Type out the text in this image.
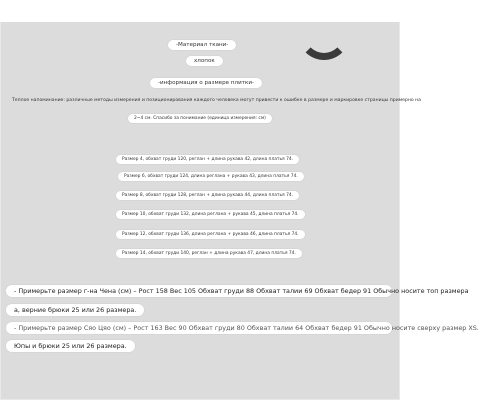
-Материал ткани-
хлопок
-информация о размере плитки-
Теплое напоминание: различные методы измерения и позиционирования каждого человека могут привести к ошибке в размере и маркировке страницы примерно на
2~4 см. Спасибо за понимание (единица измерения: см)
Размер 4, обхват груди 120, реглан + длина рукава 42, длина платья 74.
Размер 6, обхват груди 124, длина реглана + рукава 43, длина платья 74.
Размер 8, обхват груди 128, реглан + длина рукава 44, длина платья 74.
Размер 10, обхват груди 132, длина реглана + рукава 45, длина платья 74.
Размер 12, обхват груди 136, длина реглана + рукава 46, длина платья 74.
Размер 14, обхват груди 140, реглан + длина рукава 47, длина платья 74.
- Примерьте размер г-на Чена (см) – Рост 158 Вес 105 Обхват груди 88 Обхват талии 69 Обхват бедер 91 Обычно носите топ размера
а, верние брюки 25 или 26 размера.
- Примерьте размер Сяо Цяо (см) – Рост 163 Вес 90 Обхват груди 80 Обхват талии 64 Обхват бедер 91 Обычно носите сверху размер XS.
Юпы и брюки 25 или 26 размера.
